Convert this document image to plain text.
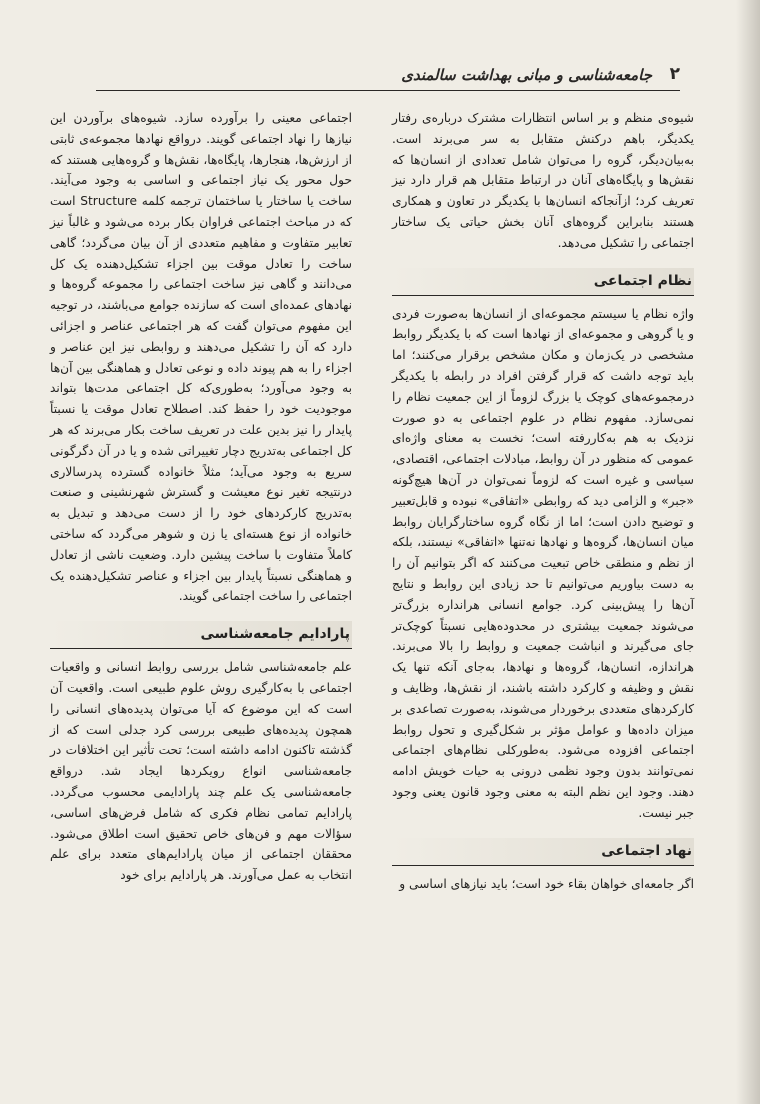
۲
جامعه‌شناسی و مبانی بهداشت سالمندی

شیوه‌ی منظم و بر اساس انتظارات مشترک درباره‌ی رفتار یکدیگر، باهم درکنش متقابل به سر می‌برند است. به‌بیان‌دیگر، گروه را می‌توان شامل تعدادی از انسان‌ها که نقش‌ها و پایگاه‌های آنان در ارتباط متقابل هم قرار دارد نیز تعریف کرد؛ ازآنجاکه انسان‌ها با یکدیگر در تعاون و همکاری هستند بنابراین گروه‌های آنان بخش حیاتی یک ساختار اجتماعی را تشکیل می‌دهد.

نظام اجتماعی

واژه نظام یا سیستم مجموعه‌ای از انسان‌ها به‌صورت فردی و یا گروهی و مجموعه‌ای از نهادها است که با یکدیگر روابط مشخصی در یک‌زمان و مکان مشخص برقرار می‌کنند؛ اما باید توجه داشت که قرار گرفتن افراد در رابطه با یکدیگر درمجموعه‌های کوچک یا بزرگ لزوماً از این جمعیت نظام را نمی‌سازد. مفهوم نظام در علوم اجتماعی به دو صورت نزدیک به هم به‌کاررفته است؛ نخست به معنای واژه‌ای عمومی که منظور در آن روابط، مبادلات اجتماعی، اقتصادی، سیاسی و غیره است که لزوماً نمی‌توان در آن‌ها هیچ‌گونه «جبر» و الزامی دید که روابطی «اتفاقی» نبوده و قابل‌تعبیر و توضیح دادن است؛ اما از نگاه گروه ساختارگرایان روابط میان انسان‌ها، گروه‌ها و نهادها نه‌تنها «اتفاقی» نیستند، بلکه از نظم و منطقی خاص تبعیت می‌کنند که اگر بتوانیم آن را به دست بیاوریم می‌توانیم تا حد زیادی این روابط و نتایج آن‌ها را پیش‌بینی کرد. جوامع انسانی هرانداره بزرگ‌تر می‌شوند جمعیت بیشتری در محدوده‌هایی نسبتاً کوچک‌تر جای می‌گیرند و انباشت جمعیت و روابط را بالا می‌برند. هراندازه، انسان‌ها، گروه‌ها و نهادها، به‌جای آنکه تنها یک نقش و وظیفه و کارکرد داشته باشند، از نقش‌ها، وظایف و کارکردهای متعددی برخوردار می‌شوند، به‌صورت تصاعدی بر میزان داده‌ها و عوامل مؤثر بر شکل‌گیری و تحول روابط اجتماعی افزوده می‌شود. به‌طورکلی نظام‌های اجتماعی نمی‌توانند بدون وجود نظمی درونی به حیات خویش ادامه دهند. وجود این نظم البته به معنی وجود قانون یعنی وجود جبر نیست.

نهاد اجتماعی

اگر جامعه‌ای خواهان بقاء خود است؛ باید نیازهای اساسی و

اجتماعی معینی را برآورده سازد. شیوه‌های برآوردن این نیازها را نهاد اجتماعی گویند. درواقع نهادها مجموعه‌ی ثابتی از ارزش‌ها، هنجارها، پایگاه‌ها، نقش‌ها و گروه‌هایی هستند که حول محور یک نیاز اجتماعی و اساسی به وجود می‌آیند. ساخت یا ساختار یا ساختمان ترجمه کلمه Structure است که در مباحث اجتماعی فراوان بکار برده می‌شود و غالباً نیز تعابیر متفاوت و مفاهیم متعددی از آن بیان می‌گردد؛ گاهی ساخت را تعادل موقت بین اجزاء تشکیل‌دهنده یک کل می‌دانند و گاهی نیز ساخت اجتماعی را مجموعه گروه‌ها و نهادهای عمده‌ای است که سازنده جوامع می‌باشند، در توجیه این مفهوم می‌توان گفت که هر اجتماعی عناصر و اجزائی دارد که آن را تشکیل می‌دهند و روابطی نیز این عناصر و اجزاء را به هم پیوند داده و نوعی تعادل و هماهنگی بین آن‌ها به وجود می‌آورد؛ به‌طوری‌که کل اجتماعی مدت‌ها بتواند موجودیت خود را حفظ کند. اصطلاح تعادل موقت یا نسبتاً پایدار را نیز بدین علت در تعریف ساخت بکار می‌برند که هر کل اجتماعی به‌تدریج دچار تغییراتی شده و یا در آن دگرگونی سریع به وجود می‌آید؛ مثلاً خانواده گسترده پدرسالاری درنتیجه تغیر نوع معیشت و گسترش شهرنشینی و صنعت به‌تدریج کارکردهای خود را از دست می‌دهد و تبدیل به خانواده از نوع هسته‌ای یا زن و شوهر می‌گردد که ساختی کاملاً متفاوت با ساخت پیشین دارد. وضعیت ناشی از تعادل و هماهنگی نسبتاً پایدار بین اجزاء و عناصر تشکیل‌دهنده یک اجتماعی را ساخت اجتماعی گویند.

پارادایم جامعه‌شناسی

علم جامعه‌شناسی شامل بررسی روابط انسانی و واقعیات اجتماعی با به‌کارگیری روش علوم طبیعی است. واقعیت آن است که این موضوع که آیا می‌توان پدیده‌های انسانی را همچون پدیده‌های طبیعی بررسی کرد جدلی است که از گذشته تاکنون ادامه داشته است؛ تحت تأثیر این اختلافات در جامعه‌شناسی انواع رویکردها ایجاد شد. درواقع جامعه‌شناسی یک علم چند پارادایمی محسوب می‌گردد. پارادایم تمامی نظام فکری که شامل فرض‌های اساسی، سؤالات مهم و فن‌های خاص تحقیق است اطلاق می‌شود. محققان اجتماعی از میان پارادایم‌های متعدد برای علم انتخاب به عمل می‌آورند. هر پارادایم برای خود
